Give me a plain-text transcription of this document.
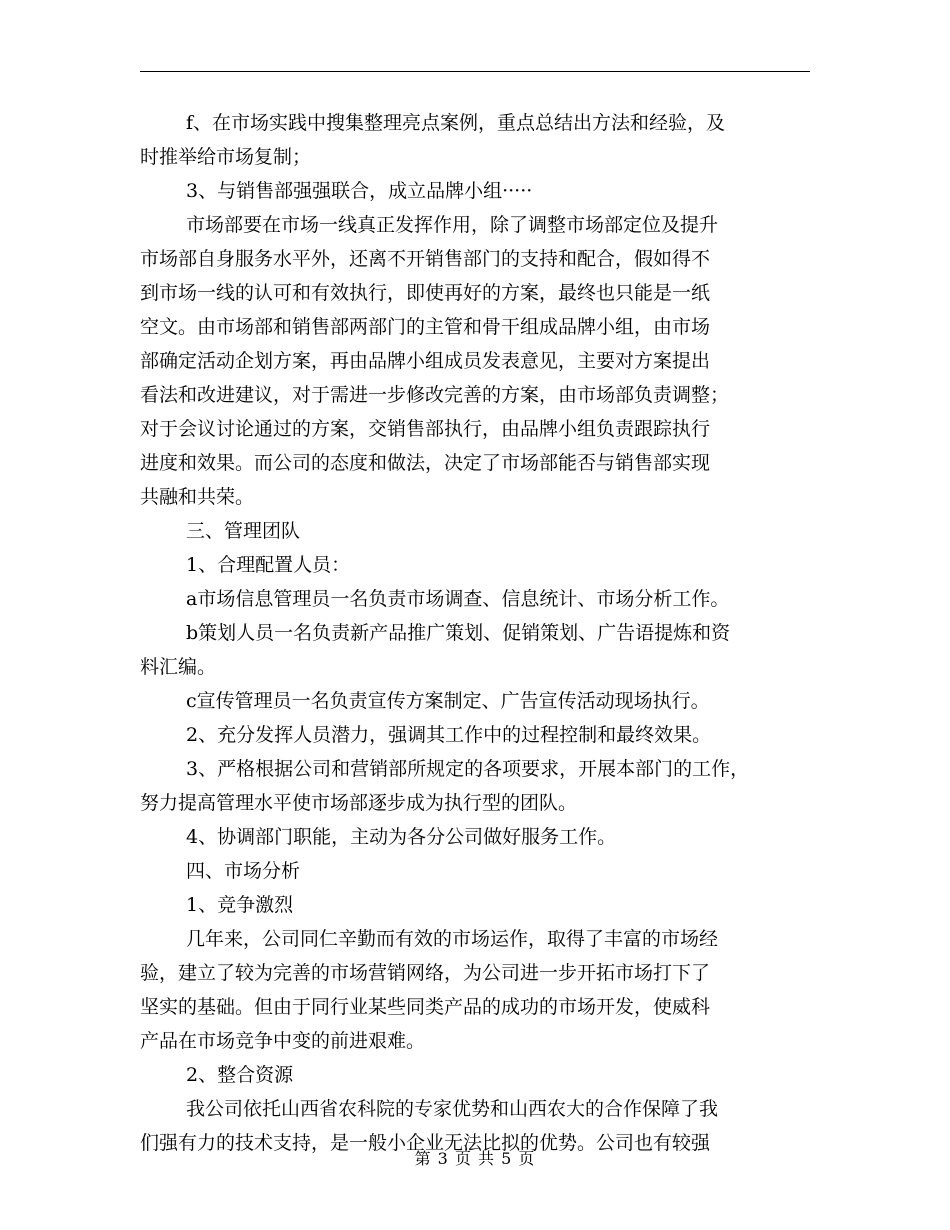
f、在市场实践中搜集整理亮点案例，重点总结出方法和经验，及
时推举给市场复制；
3、与销售部强强联合，成立品牌小组·····
市场部要在市场一线真正发挥作用，除了调整市场部定位及提升
市场部自身服务水平外，还离不开销售部门的支持和配合，假如得不
到市场一线的认可和有效执行，即使再好的方案，最终也只能是一纸
空文。由市场部和销售部两部门的主管和骨干组成品牌小组，由市场
部确定活动企划方案，再由品牌小组成员发表意见，主要对方案提出
看法和改进建议，对于需进一步修改完善的方案，由市场部负责调整；
对于会议讨论通过的方案，交销售部执行，由品牌小组负责跟踪执行
进度和效果。而公司的态度和做法，决定了市场部能否与销售部实现
共融和共荣。
三、管理团队
1、合理配置人员：
a市场信息管理员一名负责市场调查、信息统计、市场分析工作。
b策划人员一名负责新产品推广策划、促销策划、广告语提炼和资
料汇编。
c宣传管理员一名负责宣传方案制定、广告宣传活动现场执行。
2、充分发挥人员潜力，强调其工作中的过程控制和最终效果。
3、严格根据公司和营销部所规定的各项要求，开展本部门的工作，
努力提高管理水平使市场部逐步成为执行型的团队。
4、协调部门职能，主动为各分公司做好服务工作。
四、市场分析
1、竞争激烈
几年来，公司同仁辛勤而有效的市场运作，取得了丰富的市场经
验，建立了较为完善的市场营销网络，为公司进一步开拓市场打下了
坚实的基础。但由于同行业某些同类产品的成功的市场开发，使威科
产品在市场竞争中变的前进艰难。
2、整合资源
我公司依托山西省农科院的专家优势和山西农大的合作保障了我
们强有力的技术支持，是一般小企业无法比拟的优势。公司也有较强
第 3 页 共 5 页
